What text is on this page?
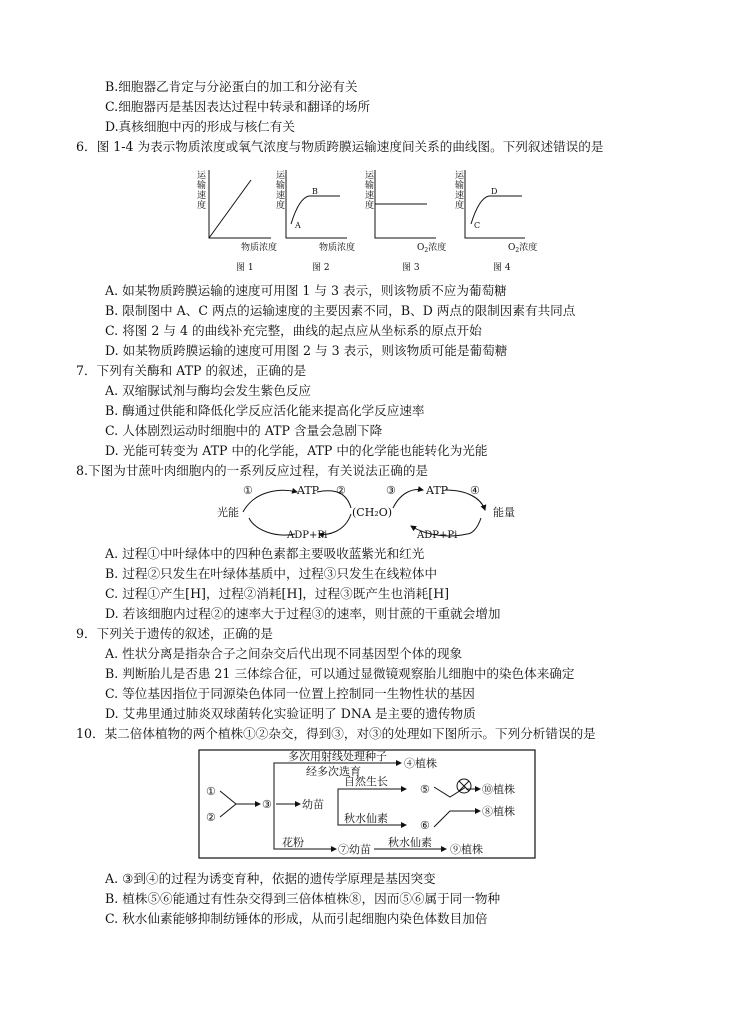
B.细胞器乙肯定与分泌蛋白的加工和分泌有关
C.细胞器丙是基因表达过程中转录和翻译的场所
D.真核细胞中丙的形成与核仁有关
6．图 1-4 为表示物质浓度或氧气浓度与物质跨膜运输速度间关系的曲线图。下列叙述错误的是
运输速度
运输速度
运输速度
运输速度
物质浓度	物质浓度	$O_2$浓度	$O_2$浓度
A
B
C
D
图 1	图 2	图 3	图 4
A. 如某物质跨膜运输的速度可用图 1 与 3 表示，则该物质不应为葡萄糖
B. 限制图中 A、C 两点的运输速度的主要因素不同，B、D 两点的限制因素有共同点
C. 将图 2 与 4 的曲线补充完整，曲线的起点应从坐标系的原点开始
D. 如某物质跨膜运输的速度可用图 2 与 3 表示，则该物质可能是葡萄糖
7．下列有关酶和 ATP 的叙述，正确的是
A. 双缩脲试剂与酶均会发生紫色反应
B. 酶通过供能和降低化学反应活化能来提高化学反应速率
C. 人体剧烈运动时细胞中的 ATP 含量会急剧下降
D. 光能可转变为 ATP 中的化学能，ATP 中的化学能也能转化为光能
8.下图为甘蔗叶肉细胞内的一系列反应过程，有关说法正确的是
①	②	③	④
ATP	ATP
光能	(CH₂O)	能量
ADP+Pi	ADP+Pi
A. 过程①中叶绿体中的四种色素都主要吸收蓝紫光和红光
B. 过程②只发生在叶绿体基质中，过程③只发生在线粒体中
C. 过程①产生[H]，过程②消耗[H]，过程③既产生也消耗[H]
D. 若该细胞内过程②的速率大于过程③的速率，则甘蔗的干重就会增加
9．下列关于遗传的叙述，正确的是
A. 性状分离是指杂合子之间杂交后代出现不同基因型个体的现象
B. 判断胎儿是否患 21 三体综合征，可以通过显微镜观察胎儿细胞中的染色体来确定
C. 等位基因指位于同源染色体同一位置上控制同一生物性状的基因
D. 艾弗里通过肺炎双球菌转化实验证明了 DNA 是主要的遗传物质
10．某二倍体植物的两个植株①②杂交，得到③，对③的处理如下图所示。下列分析错误的是
①
②
③
多次用射线处理种子
经多次选育
④植株
幼苗
自然生长
秋水仙素
⑤
⑥
⑩植株
⑧植株
花粉
⑦幼苗
秋水仙素
⑨植株
A. ③到④的过程为诱变育种，依据的遗传学原理是基因突变
B. 植株⑤⑥能通过有性杂交得到三倍体植株⑧，因而⑤⑥属于同一物种
C. 秋水仙素能够抑制纺锤体的形成，从而引起细胞内染色体数目加倍
